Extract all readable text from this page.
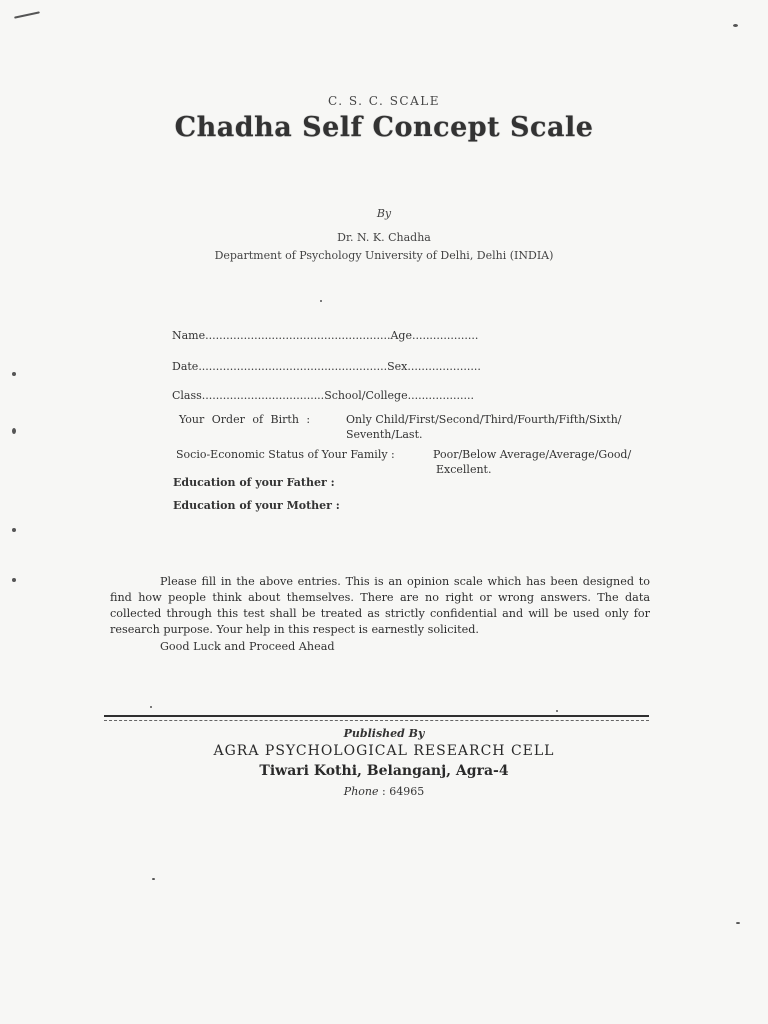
C. S. C. SCALE
Chadha Self Concept Scale
By
Dr. N. K. Chadha
Department of Psychology University of Delhi, Delhi (INDIA)
Name.....................................................Age...................
Date......................................................Sex.....................
Class...................................School/College...................
Your Order of Birth :	Only Child/First/Second/Third/Fourth/Fifth/Sixth/
Seventh/Last.
Socio-Economic Status of Your Family :	Poor/Below Average/Average/Good/
Excellent.
Education of your Father :
Education of your Mother :

Please fill in the above entries. This is an opinion scale which has been designed to find how people think about themselves. There are no right or wrong answers. The data collected through this test shall be treated as strictly confidential and will be used only for research purpose. Your help in this respect is earnestly solicited.

Good Luck and Proceed Ahead
Published By
AGRA PSYCHOLOGICAL RESEARCH CELL
Tiwari Kothi, Belanganj, Agra-4
Phone : 64965
